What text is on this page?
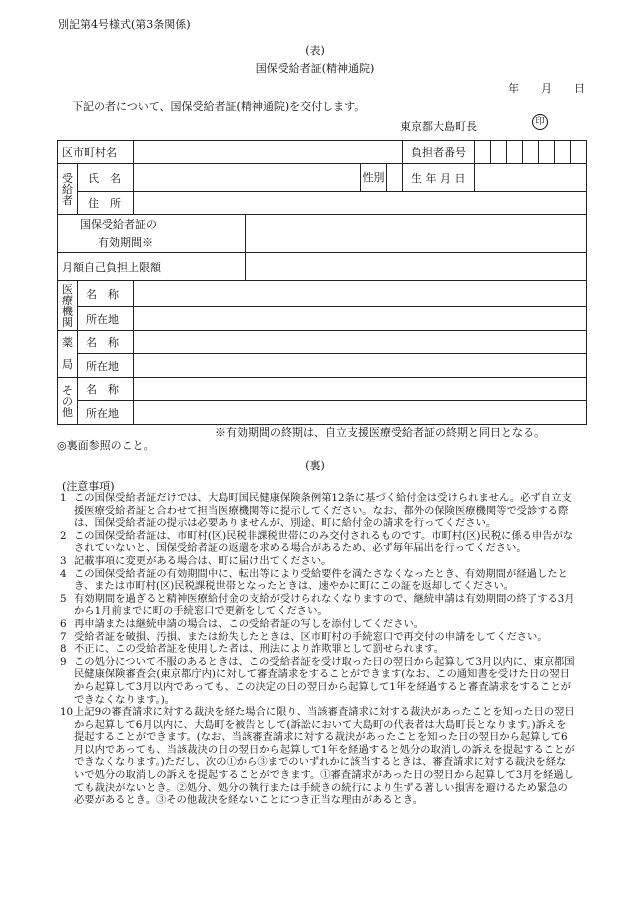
別記第4号様式(第3条関係)
(表)
国保受給者証(精神通院)
年 月 日
下記の者について、国保受給者証(精神通院)を交付します。
東京都大島町長	印
区市町村名						負担者番号							
受給者	氏　名			性別		生 年 月 日							
	住　所												

国保受給者証の
有効期間※													

月額自己負担上限額													
医療機関	名　称												
	所在地												
薬局	名　称												
	所在地												
その他	名　称												
	所在地												
※有効期間の終期は、自立支援医療受給者証の終期と同日となる。
◎裏面参照のこと。
(裏)
(注意事項)
1 この国保受給者証だけでは、大島町国民健康保険条例第12条に基づく給付金は受けられません。必ず自立支援医療受給者証と合わせて担当医療機関等に提示してください。なお、都外の保険医療機関等で受診する際は、国保受給者証の提示は必要ありませんが、別途、町に給付金の請求を行ってください。
2 この国保受給者証は、市町村(区)民税非課税世帯にのみ交付されるものです。市町村(区)民税に係る申告がなされていないと、国保受給者証の返還を求める場合があるため、必ず毎年届出を行ってください。
3 記載事項に変更がある場合は、町に届け出てください。
4 この国保受給者証の有効期間中に、転出等により受給要件を満たさなくなったとき、有効期間が経過したとき、または市町村(区)民税課税世帯となったときは、速やかに町にこの証を返却してください。
5 有効期間を過ぎると精神医療給付金の支給が受けられなくなりますので、継続申請は有効期間の終了する3月から1月前までに町の手続窓口で更新をしてください。
6 再申請または継続申請の場合は、この受給者証の写しを添付してください。
7 受給者証を破損、汚損、または紛失したときは、区市町村の手続窓口で再交付の申請をしてください。
8 不正に、この受給者証を使用した者は、刑法により詐欺罪として罰せられます。
9 この処分について不服のあるときは、この受給者証を受け取った日の翌日から起算して3月以内に、東京都国民健康保険審査会(東京都庁内)に対して審査請求をすることができます(なお、この通知書を受けた日の翌日から起算して3月以内であっても、この決定の日の翌日から起算して1年を経過すると審査請求をすることができなくなります。)。
10 上記9の審査請求に対する裁決を経た場合に限り、当該審査請求に対する裁決があったことを知った日の翌日から起算して6月以内に、大島町を被告として(訴訟において大島町の代表者は大島町長となります。)訴えを提起することができます。(なお、当該審査請求に対する裁決があったことを知った日の翌日から起算して6月以内であっても、当該裁決の日の翌日から起算して1年を経過すると処分の取消しの訴えを提起することができなくなります。)ただし、次の①から③までのいずれかに該当するときは、審査請求に対する裁決を経ないで処分の取消しの訴えを提起することができます。①審査請求があった日の翌日から起算して3月を経過しても裁決がないとき。②処分、処分の執行または手続きの続行により生ずる著しい損害を避けるため緊急の必要があるとき。③その他裁決を経ないことにつき正当な理由があるとき。
